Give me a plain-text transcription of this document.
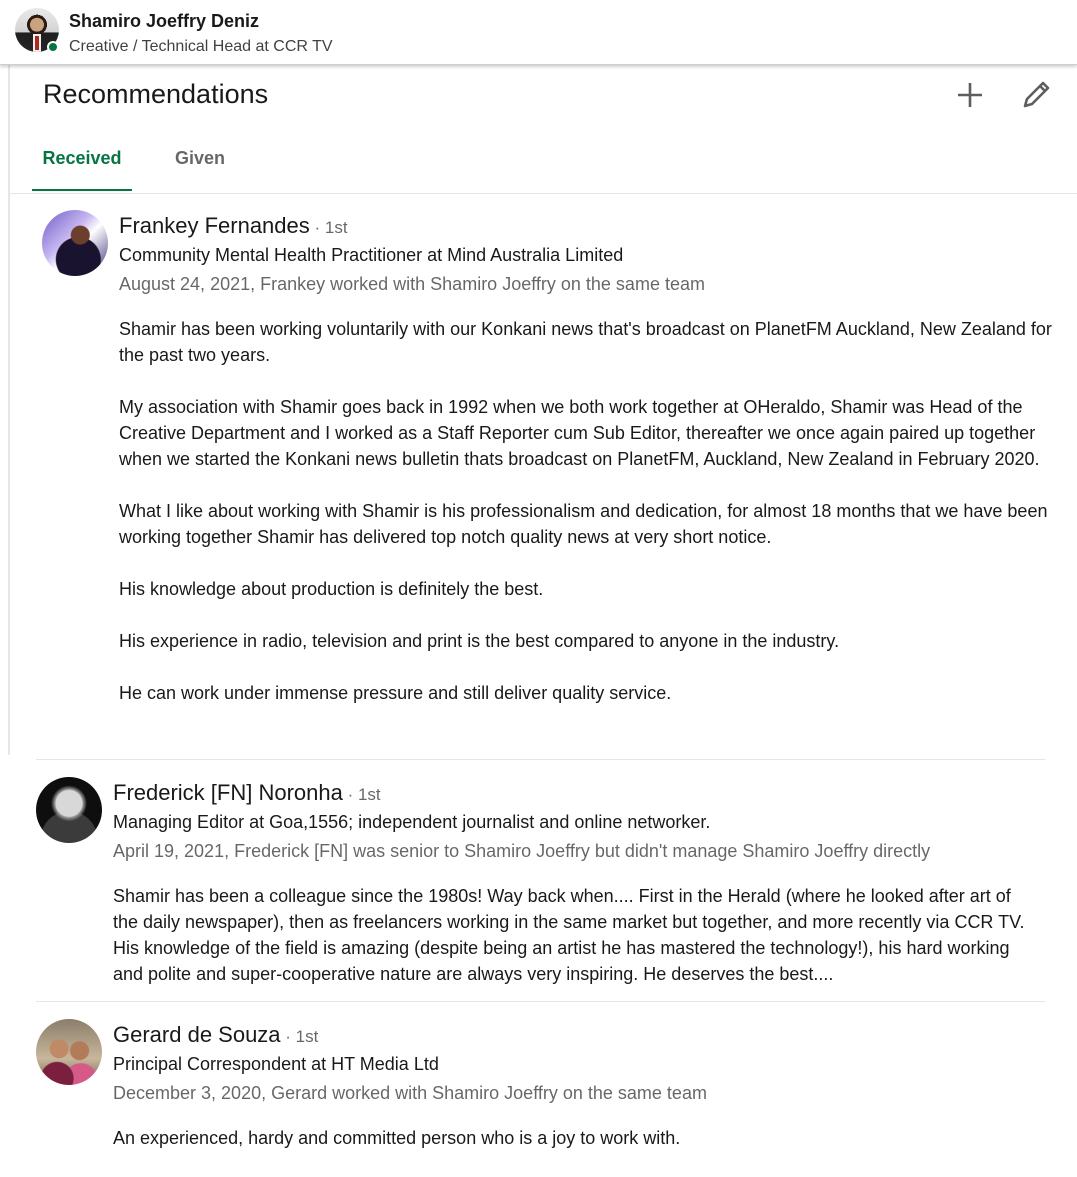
Shamiro Joeffry Deniz
Creative / Technical Head at CCR TV
Recommendations
Received	Given
Frankey Fernandes · 1st
Community Mental Health Practitioner at Mind Australia Limited
August 24, 2021, Frankey worked with Shamiro Joeffry on the same team

Shamir has been working voluntarily with our Konkani news that's broadcast on PlanetFM Auckland, New Zealand for the past two years.

My association with Shamir goes back in 1992 when we both work together at OHeraldo, Shamir was Head of the Creative Department and I worked as a Staff Reporter cum Sub Editor, thereafter we once again paired up together when we started the Konkani news bulletin thats broadcast on PlanetFM, Auckland, New Zealand in February 2020.

What I like about working with Shamir is his professionalism and dedication, for almost 18 months that we have been working together Shamir has delivered top notch quality news at very short notice.

His knowledge about production is definitely the best.

His experience in radio, television and print is the best compared to anyone in the industry.

He can work under immense pressure and still deliver quality service.

Frederick [FN] Noronha · 1st
Managing Editor at Goa,1556; independent journalist and online networker.
April 19, 2021, Frederick [FN] was senior to Shamiro Joeffry but didn't manage Shamiro Joeffry directly

Shamir has been a colleague since the 1980s! Way back when.... First in the Herald (where he looked after art of the daily newspaper), then as freelancers working in the same market but together, and more recently via CCR TV. His knowledge of the field is amazing (despite being an artist he has mastered the technology!), his hard working and polite and super-cooperative nature are always very inspiring. He deserves the best....

Gerard de Souza · 1st
Principal Correspondent at HT Media Ltd
December 3, 2020, Gerard worked with Shamiro Joeffry on the same team

An experienced, hardy and committed person who is a joy to work with.
